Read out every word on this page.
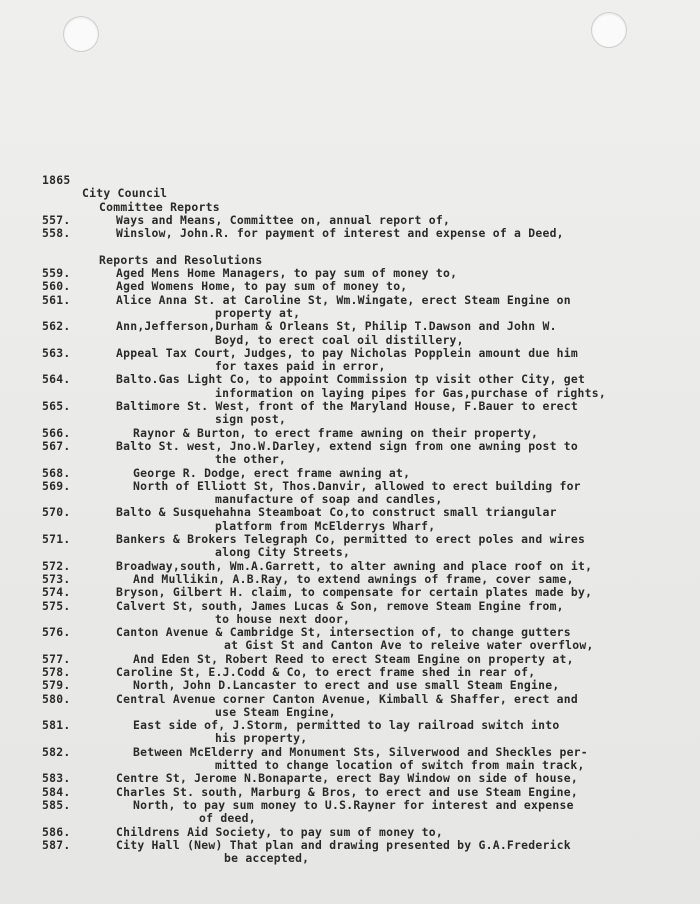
1865
City Council
Committee Reports
557.	Ways and Means, Committee on, annual report of,
558.	Winslow, John.R. for payment of interest and expense of a Deed,
Reports and Resolutions
559.	Aged Mens Home Managers, to pay sum of money to,
560.	Aged Womens Home, to pay sum of money to,
561.	Alice Anna St. at Caroline St, Wm.Wingate, erect Steam Engine on
property at,
562.	Ann,Jefferson,Durham & Orleans St, Philip T.Dawson and John W.
Boyd, to erect coal oil distillery,
563.	Appeal Tax Court, Judges, to pay Nicholas Popplein amount due him
for taxes paid in error,
564.	Balto.Gas Light Co, to appoint Commission tp visit other City, get
information on laying pipes for Gas,purchase of rights,
565.	Baltimore St. West, front of the Maryland House, F.Bauer to erect
sign post,
566.	Raynor & Burton, to erect frame awning on their property,
567.	Balto St. west, Jno.W.Darley, extend sign from one awning post to
the other,
568.	George R. Dodge, erect frame awning at,
569.	North of Elliott St, Thos.Danvir, allowed to erect building for
manufacture of soap and candles,
570.	Balto & Susquehahna Steamboat Co,to construct small triangular
platform from McElderrys Wharf,
571.	Bankers & Brokers Telegraph Co, permitted to erect poles and wires
along City Streets,
572.	Broadway,south, Wm.A.Garrett, to alter awning and place roof on it,
573.	And Mullikin, A.B.Ray, to extend awnings of frame, cover same,
574.	Bryson, Gilbert H. claim, to compensate for certain plates made by,
575.	Calvert St, south, James Lucas & Son, remove Steam Engine from,
to house next door,
576.	Canton Avenue & Cambridge St, intersection of, to change gutters
at Gist St and Canton Ave to releive water overflow,
577.	And Eden St, Robert Reed to erect Steam Engine on property at,
578.	Caroline St, E.J.Codd & Co, to erect frame shed in rear of,
579.	North, John D.Lancaster to erect and use small Steam Engine,
580.	Central Avenue corner Canton Avenue, Kimball & Shaffer, erect and
use Steam Engine,
581.	East side of, J.Storm, permitted to lay railroad switch into
his property,
582.	Between McElderry and Monument Sts, Silverwood and Sheckles per-
mitted to change location of switch from main track,
583.	Centre St, Jerome N.Bonaparte, erect Bay Window on side of house,
584.	Charles St. south, Marburg & Bros, to erect and use Steam Engine,
585.	North, to pay sum money to U.S.Rayner for interest and expense
of deed,
586.	Childrens Aid Society, to pay sum of money to,
587.	City Hall (New) That plan and drawing presented by G.A.Frederick
be accepted,
